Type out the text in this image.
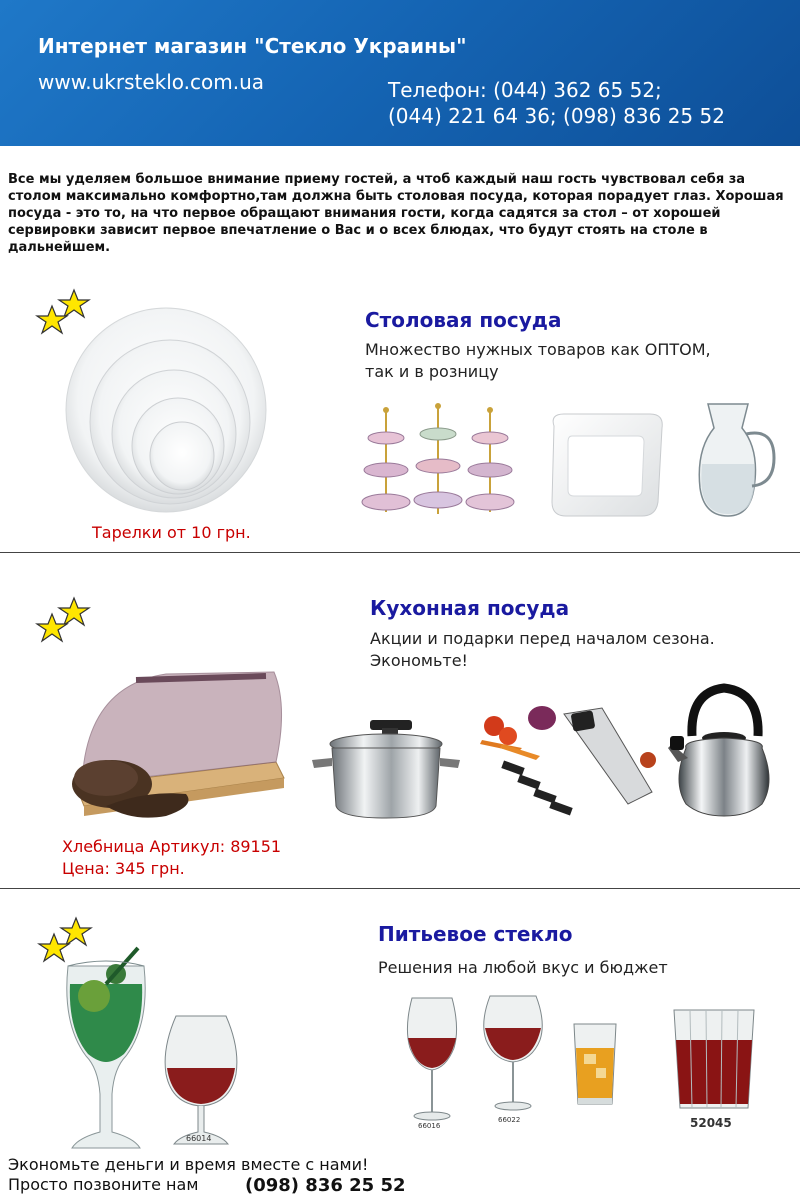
Интернет магазин "Стекло Украины"
www.ukrsteklo.com.ua	Телефон: (044) 362 65 52;
(044) 221 64 36; (098) 836 25 52
Все мы уделяем большое внимание приему гостей, а чтоб каждый наш гость чувствовал себя за столом максимально комфортно,там должна быть столовая посуда, которая порадует глаз. Хорошая посуда - это то, на что первое обращают внимания гости, когда садятся за стол – от хорошей сервировки зависит первое впечатление о Вас и о всех блюдах, что будут стоять на столе в дальнейшем.
Столовая посуда
Множество нужных товаров как ОПТОМ,
так и в розницу
Тарелки от 10 грн.
Кухонная посуда
Акции и подарки перед началом сезона.
Экономьте!
Хлебница Артикул: 89151
Цена: 345 грн.
66014
Питьевое стекло
Решения на любой вкус и бюджет
66016
66022	52045
Экономьте деньги и время вместе с нами!
Просто позвоните нам	(098) 836 25 52
